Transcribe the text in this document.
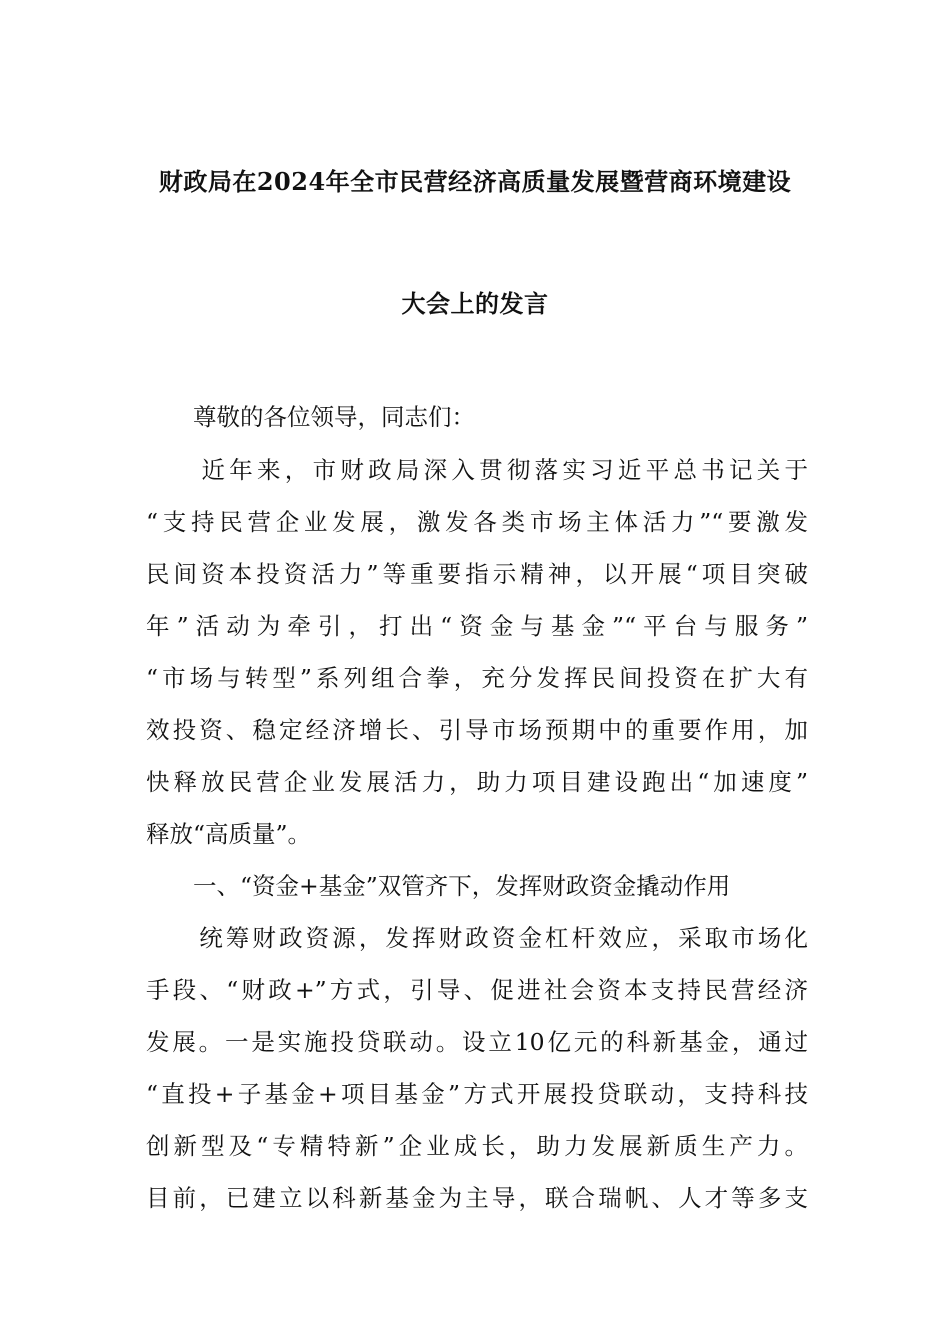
财政局在2024年全市民营经济高质量发展暨营商环境建设
大会上的发言
　　尊敬的各位领导，同志们：
　　近年来，市财政局深入贯彻落实习近平总书记关于
“支持民营企业发展，激发各类市场主体活力”“要激发
民间资本投资活力”等重要指示精神，以开展“项目突破
年”活动为牵引，打出“资金与基金”“平台与服务”
“市场与转型”系列组合拳，充分发挥民间投资在扩大有
效投资、稳定经济增长、引导市场预期中的重要作用，加
快释放民营企业发展活力，助力项目建设跑出“加速度”
释放“高质量”。
　　一、“资金+基金”双管齐下，发挥财政资金撬动作用
　　统筹财政资源，发挥财政资金杠杆效应，采取市场化
手段、“财政+”方式，引导、促进社会资本支持民营经济
发展。一是实施投贷联动。设立10亿元的科新基金，通过
“直投+子基金+项目基金”方式开展投贷联动，支持科技
创新型及“专精特新”企业成长，助力发展新质生产力。
目前，已建立以科新基金为主导，联合瑞帆、人才等多支
